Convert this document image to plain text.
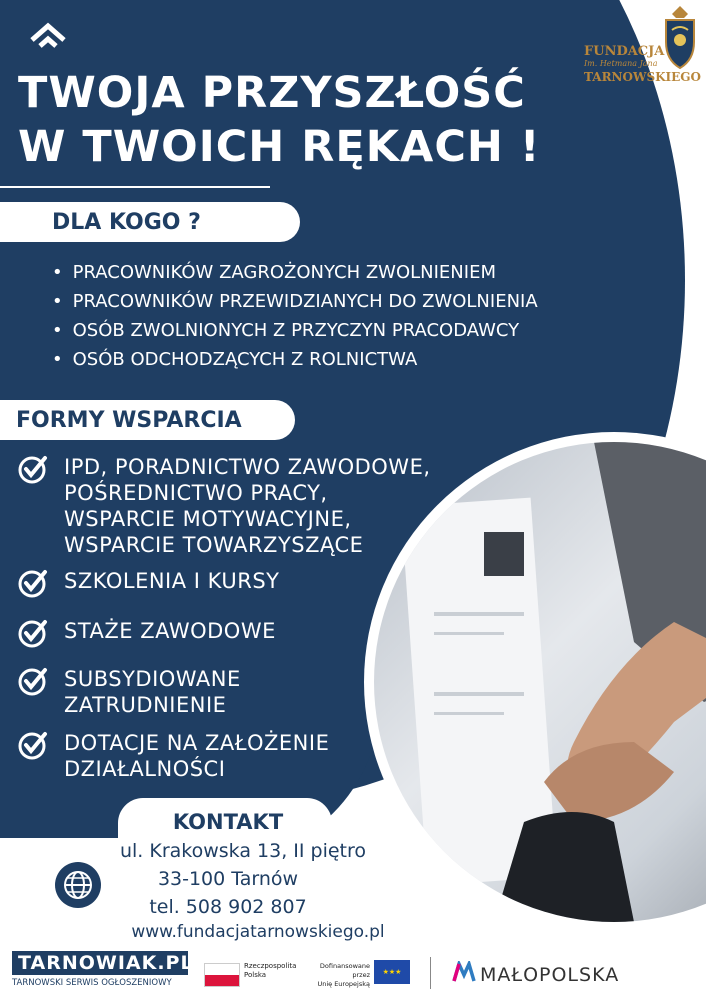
FUNDACJA
Im. Hetmana Jana
TARNOWSKIEGO
TWOJA PRZYSZŁOŚĆ
W TWOICH RĘKACH !
DLA KOGO ?
• PRACOWNIKÓW ZAGROŻONYCH ZWOLNIENIEM
• PRACOWNIKÓW PRZEWIDZIANYCH DO ZWOLNIENIA
• OSÓB ZWOLNIONYCH Z PRZYCZYN PRACODAWCY
• OSÓB ODCHODZĄCYCH Z ROLNICTWA
FORMY WSPARCIA
IPD, PORADNICTWO ZAWODOWE,
POŚREDNICTWO PRACY,
WSPARCIE MOTYWACYJNE,
WSPARCIE TOWARZYSZĄCE
SZKOLENIA I KURSY
STAŻE ZAWODOWE
SUBSYDIOWANE
ZATRUDNIENIE
DOTACJE NA ZAŁOŻENIE
DZIAŁALNOŚCI
KONTAKT
ul. Krakowska 13, II piętro
33-100 Tarnów
tel. 508 902 807
www.fundacjatarnowskiego.pl
TARNOWIAK.PL
TARNOWSKI SERWIS OGŁOSZENIOWY
Rzeczpospolita
Polska
Dofinansowane przez
Unię Europejską
★★★	MAŁOPOLSKA
